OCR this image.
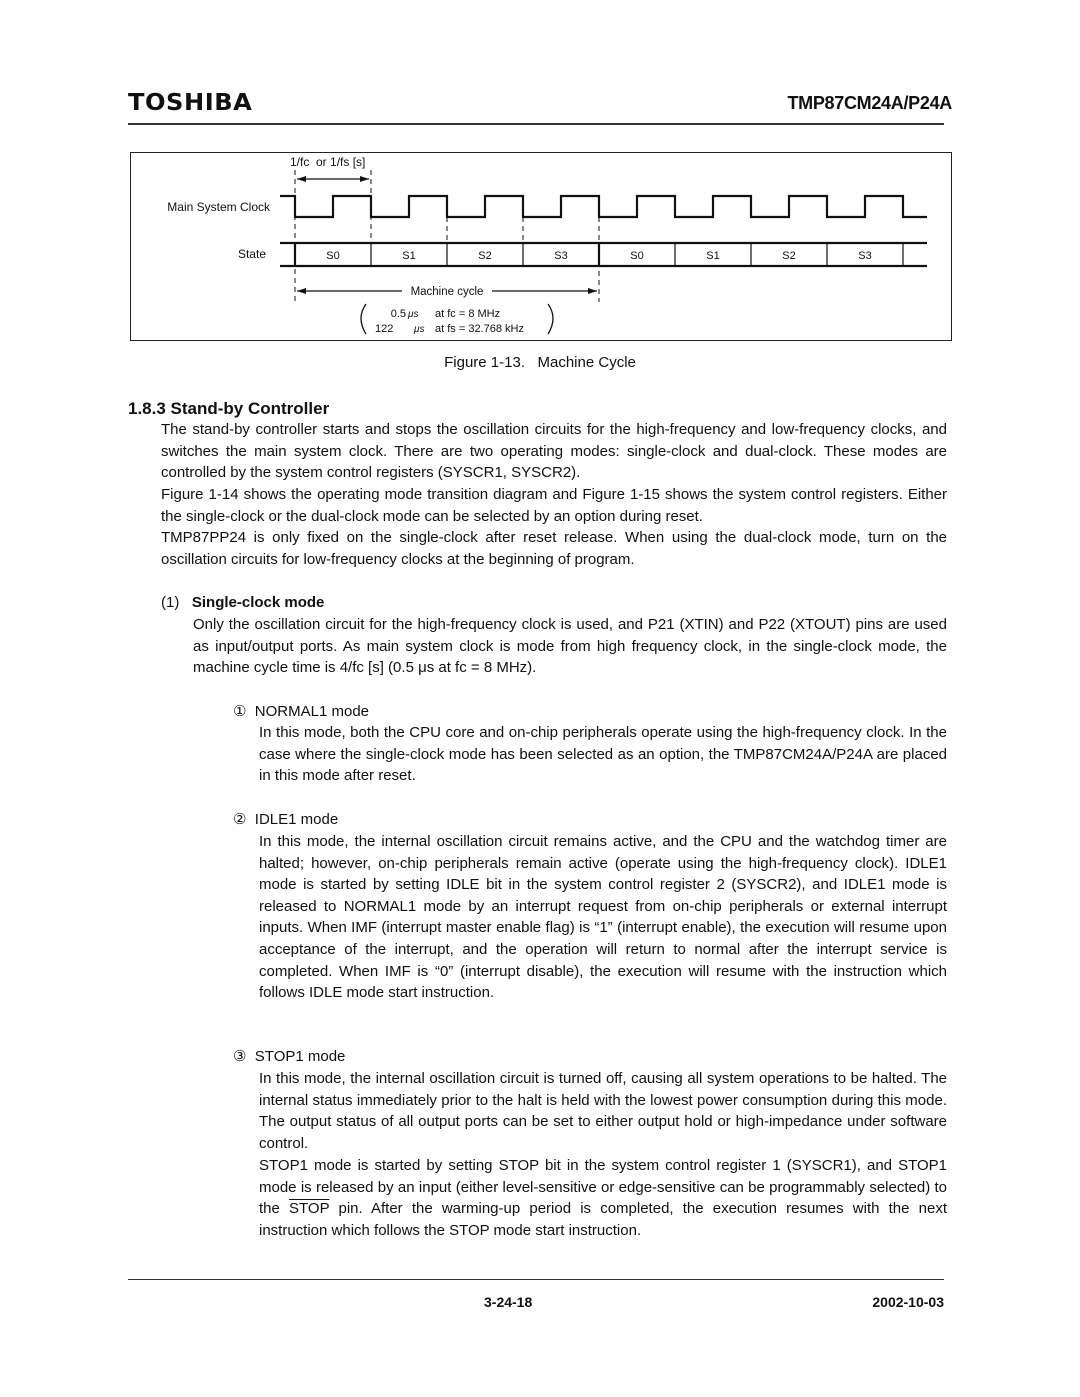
TOSHIBA	TMP87CM24A/P24A
1/fc  or 1/fs [s]
Main System Clock
State
Machine cycle
S0	S1	S2	S3	S0	S1	S2	S3
0.5 μs at fc = 8 MHz
122 μs at fs = 32.768 kHz
Figure 1-13.   Machine Cycle
1.8.3 Stand-by Controller
The stand-by controller starts and stops the oscillation circuits for the high-frequency and low-frequency clocks, and switches the main system clock. There are two operating modes: single-clock and dual-clock. These modes are controlled by the system control registers (SYSCR1, SYSCR2).
Figure 1-14 shows the operating mode transition diagram and Figure 1-15 shows the system control registers. Either the single-clock or the dual-clock mode can be selected by an option during reset.
TMP87PP24 is only fixed on the single-clock after reset release. When using the dual-clock mode, turn on the oscillation circuits for low-frequency clocks at the beginning of program.
(1) Single-clock mode
Only the oscillation circuit for the high-frequency clock is used, and P21 (XTIN) and P22 (XTOUT) pins are used as input/output ports. As main system clock is mode from high frequency clock, in the single-clock mode, the machine cycle time is 4/fc [s] (0.5 μs at fc = 8 MHz).
① NORMAL1 mode
In this mode, both the CPU core and on-chip peripherals operate using the high-frequency clock. In the case where the single-clock mode has been selected as an option, the TMP87CM24A/P24A are placed in this mode after reset.
② IDLE1 mode
In this mode, the internal oscillation circuit remains active, and the CPU and the watchdog timer are halted; however, on-chip peripherals remain active (operate using the high-frequency clock). IDLE1 mode is started by setting IDLE bit in the system control register 2 (SYSCR2), and IDLE1 mode is released to NORMAL1 mode by an interrupt request from on-chip peripherals or external interrupt inputs. When IMF (interrupt master enable flag) is “1” (interrupt enable), the execution will resume upon acceptance of the interrupt, and the operation will return to normal after the interrupt service is completed. When IMF is “0” (interrupt disable), the execution will resume with the instruction which follows IDLE mode start instruction.
③ STOP1 mode
In this mode, the internal oscillation circuit is turned off, causing all system operations to be halted. The internal status immediately prior to the halt is held with the lowest power consumption during this mode. The output status of all output ports can be set to either output hold or high-impedance under software control.
STOP1 mode is started by setting STOP bit in the system control register 1 (SYSCR1), and STOP1 mode is released by an input (either level-sensitive or edge-sensitive can be programmably selected) to the STOP pin. After the warming-up period is completed, the execution resumes with the next instruction which follows the STOP mode start instruction.
3-24-18	2002-10-03
